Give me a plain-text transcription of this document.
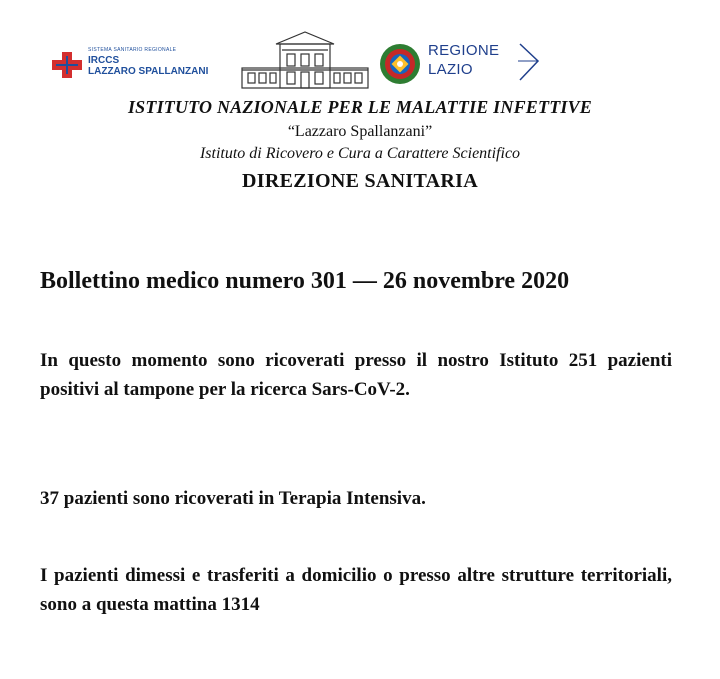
SISTEMA SANITARIO REGIONALE
IRCCS
LAZZARO SPALLANZANI
REGIONE
LAZIO
ISTITUTO NAZIONALE PER LE MALATTIE INFETTIVE
“Lazzaro Spallanzani”
Istituto di Ricovero e Cura a Carattere Scientifico
DIREZIONE SANITARIA
Bollettino medico numero 301 — 26 novembre 2020
In questo momento sono ricoverati presso il nostro Istituto 251 pazienti positivi al tampone per la ricerca Sars-CoV-2.
37 pazienti sono ricoverati in Terapia Intensiva.
I pazienti dimessi e trasferiti a domicilio o presso altre strutture territoriali, sono a questa mattina 1314
